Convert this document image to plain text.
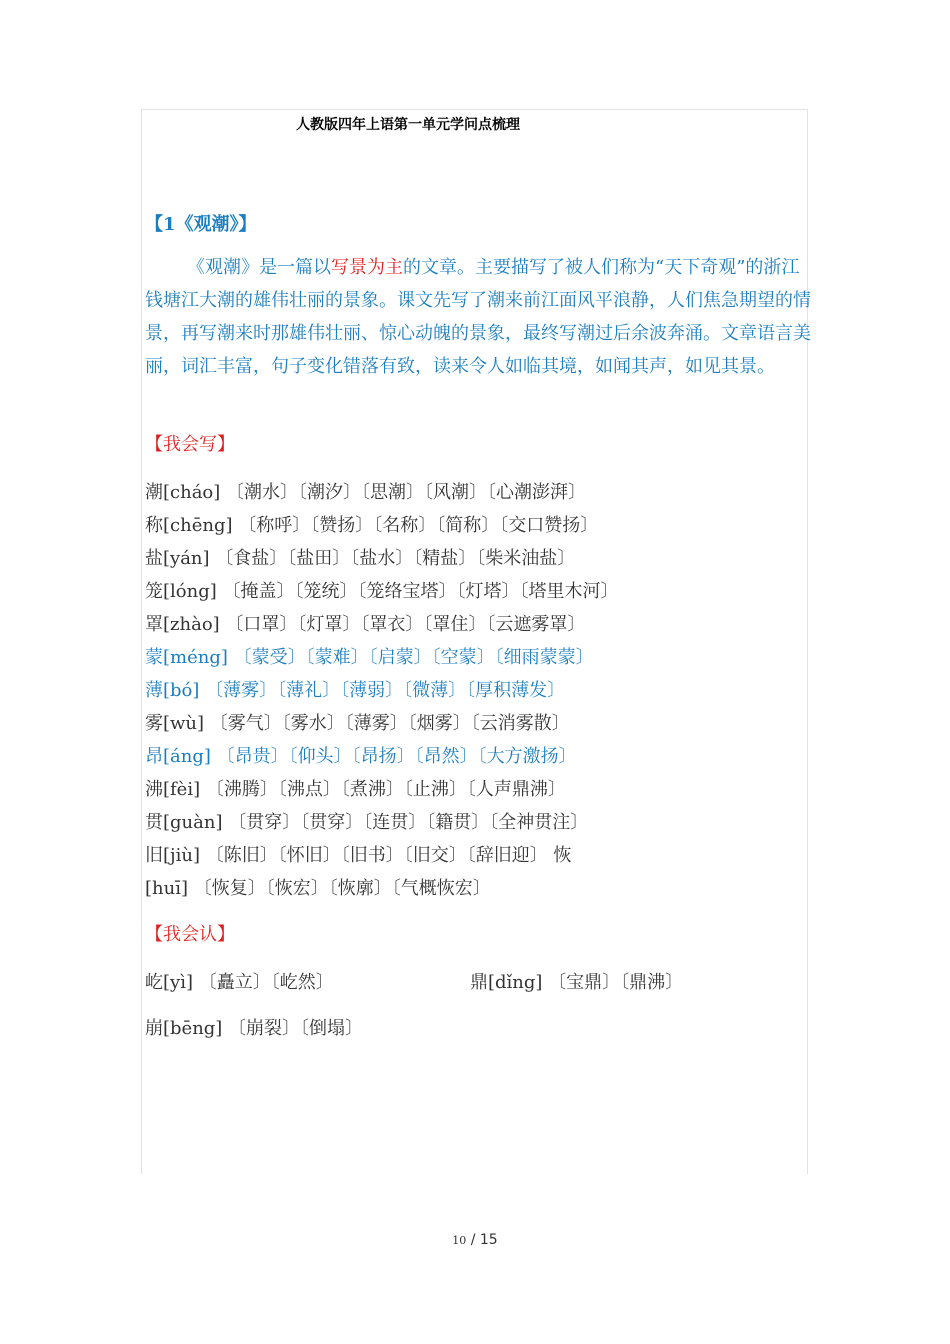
人教版四年上语第一单元学问点梳理
【1《观潮》】
《观潮》是一篇以写景为主的文章。主要描写了被人们称为“天下奇观”的浙江钱塘江大潮的雄伟壮丽的景象。课文先写了潮来前江面风平浪静，人们焦急期望的情景，再写潮来时那雄伟壮丽、惊心动魄的景象，最终写潮过后余波奔涌。文章语言美丽，词汇丰富，句子变化错落有致，读来令人如临其境，如闻其声，如见其景。
【我会写】
潮[cháo] 〔潮水〕〔潮汐〕〔思潮〕〔风潮〕〔心潮澎湃〕
称[chēng] 〔称呼〕〔赞扬〕〔名称〕〔简称〕〔交口赞扬〕
盐[yán] 〔食盐〕〔盐田〕〔盐水〕〔精盐〕〔柴米油盐〕
笼[lóng] 〔掩盖〕〔笼统〕〔笼络宝塔〕〔灯塔〕〔塔里木河〕
罩[zhào] 〔口罩〕〔灯罩〕〔罩衣〕〔罩住〕〔云遮雾罩〕
蒙[méng] 〔蒙受〕〔蒙难〕〔启蒙〕〔空蒙〕〔细雨蒙蒙〕
薄[bó] 〔薄雾〕〔薄礼〕〔薄弱〕〔微薄〕〔厚积薄发〕
雾[wù] 〔雾气〕〔雾水〕〔薄雾〕〔烟雾〕〔云消雾散〕
昂[áng] 〔昂贵〕〔仰头〕〔昂扬〕〔昂然〕〔大方激扬〕
沸[fèi] 〔沸腾〕〔沸点〕〔煮沸〕〔止沸〕〔人声鼎沸〕
贯[guàn] 〔贯穿〕〔贯穿〕〔连贯〕〔籍贯〕〔全神贯注〕
旧[jiù] 〔陈旧〕〔怀旧〕〔旧书〕〔旧交〕〔辞旧迎〕 恢
[huī] 〔恢复〕〔恢宏〕〔恢廓〕〔气概恢宏〕
【我会认】
屹[yì] 〔矗立〕〔屹然〕	鼎[dǐng] 〔宝鼎〕〔鼎沸〕
崩[bēng] 〔崩裂〕〔倒塌〕
10 / 15
